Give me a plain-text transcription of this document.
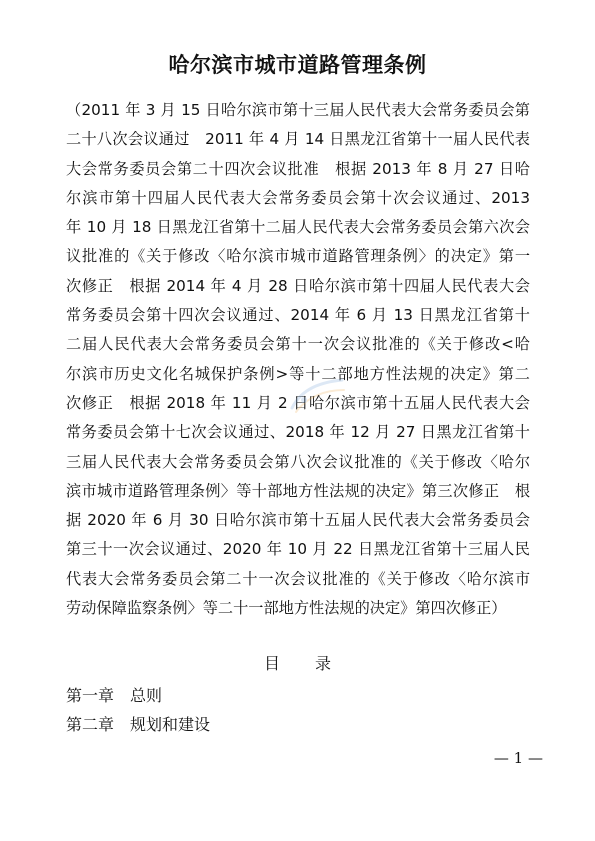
哈尔滨市城市道路管理条例
（2011 年 3 月 15 日哈尔滨市第十三届人民代表大会常务委员会第
二十八次会议通过　2011 年 4 月 14 日黑龙江省第十一届人民代表
大会常务委员会第二十四次会议批准　根据 2013 年 8 月 27 日哈
尔滨市第十四届人民代表大会常务委员会第十次会议通过、2013
年 10 月 18 日黑龙江省第十二届人民代表大会常务委员会第六次会
议批准的《关于修改〈哈尔滨市城市道路管理条例〉的决定》第一
次修正　根据 2014 年 4 月 28 日哈尔滨市第十四届人民代表大会
常务委员会第十四次会议通过、2014 年 6 月 13 日黑龙江省第十
二届人民代表大会常务委员会第十一次会议批准的《关于修改<哈
尔滨市历史文化名城保护条例>等十二部地方性法规的决定》第二
次修正　根据 2018 年 11 月 2 日哈尔滨市第十五届人民代表大会
常务委员会第十七次会议通过、2018 年 12 月 27 日黑龙江省第十
三届人民代表大会常务委员会第八次会议批准的《关于修改〈哈尔
滨市城市道路管理条例〉等十部地方性法规的决定》第三次修正　根
据 2020 年 6 月 30 日哈尔滨市第十五届人民代表大会常务委员会
第三十一次会议通过、2020 年 10 月 22 日黑龙江省第十三届人民
代表大会常务委员会第二十一次会议批准的《关于修改〈哈尔滨市
劳动保障监察条例〉等二十一部地方性法规的决定》第四次修正）
目 录
第一章 总则
第二章 规划和建设
— 1 —
